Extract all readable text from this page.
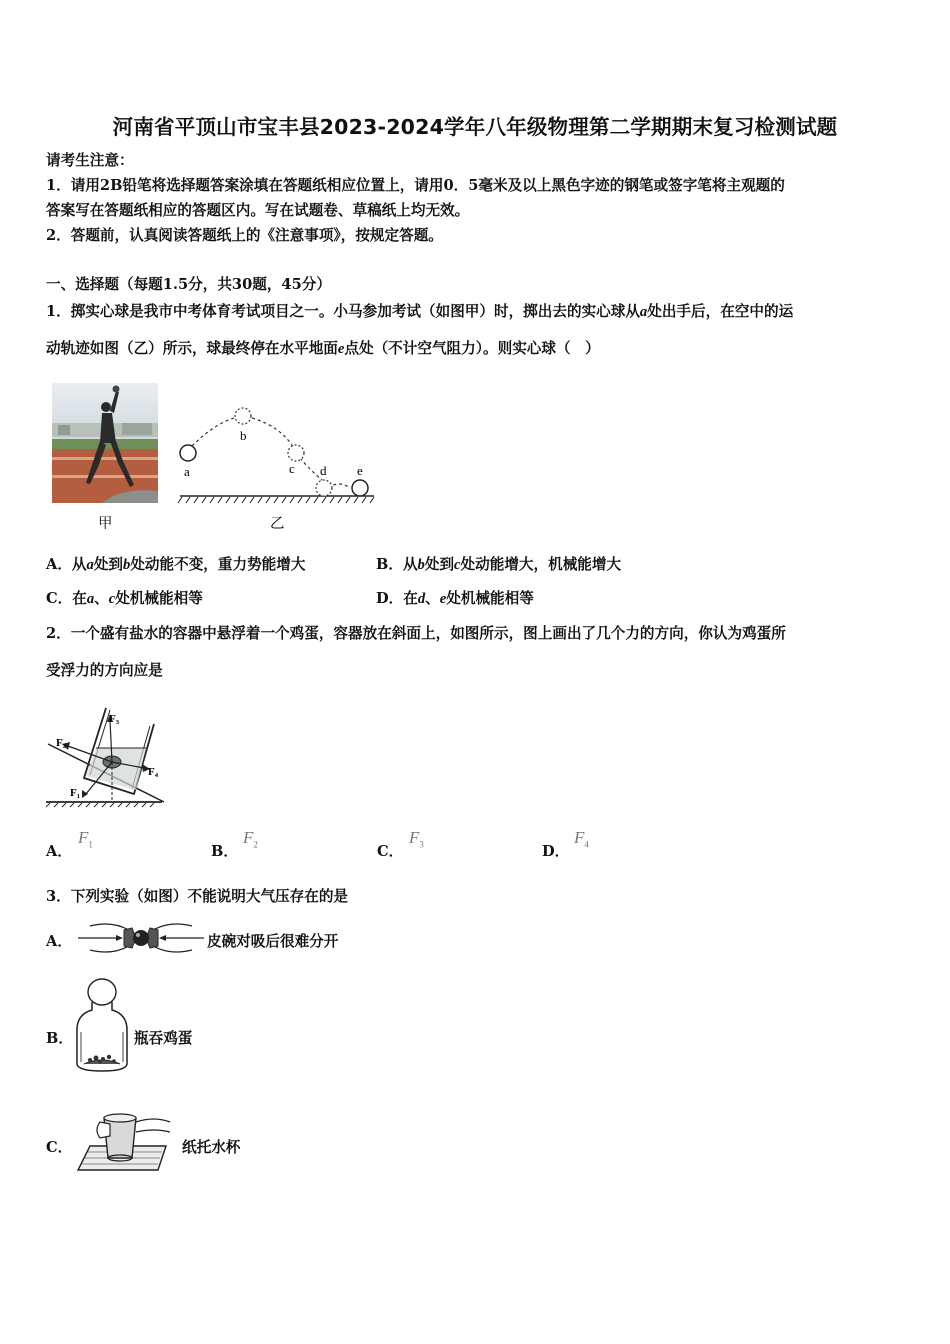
河南省平顶山市宝丰县2023-2024学年八年级物理第二学期期末复习检测试题
请考生注意：
1．请用2B铅笔将选择题答案涂填在答题纸相应位置上，请用0．5毫米及以上黑色字迹的钢笔或签字笔将主观题的
答案写在答题纸相应的答题区内。写在试题卷、草稿纸上均无效。
2．答题前，认真阅读答题纸上的《注意事项》，按规定答题。
一、选择题（每题1.5分，共30题，45分）
1．掷实心球是我市中考体育考试项目之一。小马参加考试（如图甲）时，掷出去的实心球从a处出手后，在空中的运
动轨迹如图（乙）所示，球最终停在水平地面e点处（不计空气阻力）。则实心球（　）
甲
a
b
c d e
乙
A．从a处到b处动能不变，重力势能增大	B．从b处到c处动能增大，机械能增大
C．在a、c处机械能相等	D．在d、e处机械能相等
2．一个盛有盐水的容器中悬浮着一个鸡蛋，容器放在斜面上，如图所示，图上画出了几个力的方向，你认为鸡蛋所
受浮力的方向应是
F₂
F₃
F₄
F₁
A．
$F_1$	B．
$F_2$	C．
$F_3$	D．
$F_4$
3．下列实验（如图）不能说明大气压存在的是
A．	皮碗对吸后很难分开
B．	瓶吞鸡蛋
C．	纸托水杯
